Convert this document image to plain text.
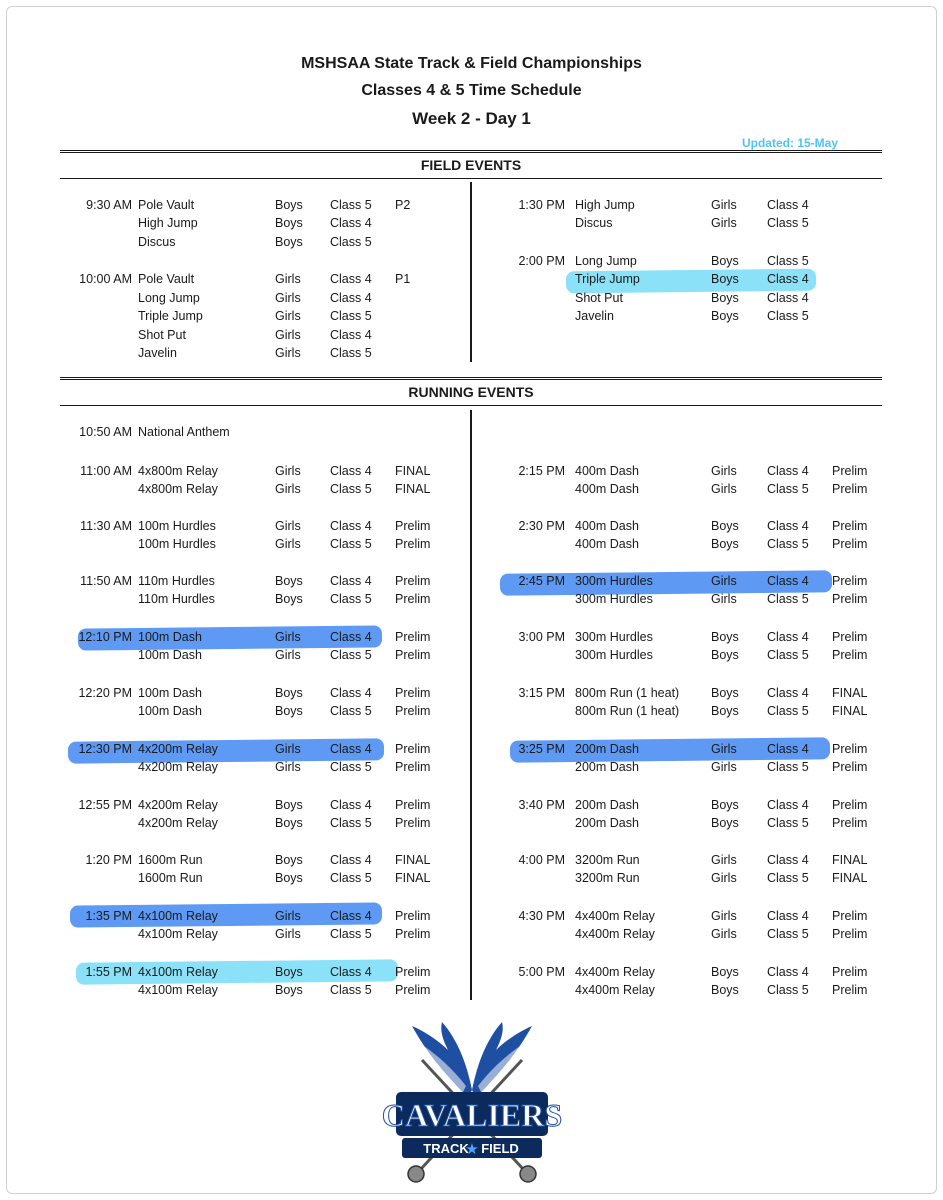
MSHSAA State Track & Field Championships
Classes 4 & 5 Time Schedule
Week 2 - Day 1
Updated: 15-May
FIELD EVENTS
RUNNING EVENTS
9:30 AM Pole Vault	Boys Class 5 P2
High Jump	Boys Class 4
Discus	Boys Class 5
10:00 AM Pole Vault	Girls Class 4 P1
Long Jump	Girls Class 4
Triple Jump	Girls Class 5
Shot Put	Girls Class 4
Javelin	Girls Class 5
1:30 PM High Jump	Girls Class 4
Discus	Girls Class 5
2:00 PM Long Jump	Boys Class 5
Triple Jump	Boys Class 4
Shot Put	Boys Class 4
Javelin	Boys Class 5
10:50 AM National Anthem
11:00 AM 4x800m Relay	Girls Class 4 FINAL
4x800m Relay	Girls Class 5 FINAL
11:30 AM 100m Hurdles	Girls Class 4 Prelim
100m Hurdles	Girls Class 5 Prelim
11:50 AM 110m Hurdles	Boys Class 4 Prelim
110m Hurdles	Boys Class 5 Prelim
12:10 PM 100m Dash	Girls Class 4 Prelim
100m Dash	Girls Class 5 Prelim
12:20 PM 100m Dash	Boys Class 4 Prelim
100m Dash	Boys Class 5 Prelim
12:30 PM 4x200m Relay	Girls Class 4 Prelim
4x200m Relay	Girls Class 5 Prelim
12:55 PM 4x200m Relay	Boys Class 4 Prelim
4x200m Relay	Boys Class 5 Prelim
1:20 PM 1600m Run	Boys Class 4 FINAL
1600m Run	Boys Class 5 FINAL
1:35 PM 4x100m Relay	Girls Class 4 Prelim
4x100m Relay	Girls Class 5 Prelim
1:55 PM 4x100m Relay	Boys Class 4 Prelim
4x100m Relay	Boys Class 5 Prelim
2:15 PM 400m Dash	Girls Class 4 Prelim
400m Dash	Girls Class 5 Prelim
2:30 PM 400m Dash	Boys Class 4 Prelim
400m Dash	Boys Class 5 Prelim
2:45 PM 300m Hurdles	Girls Class 4 Prelim
300m Hurdles	Girls Class 5 Prelim
3:00 PM 300m Hurdles	Boys Class 4 Prelim
300m Hurdles	Boys Class 5 Prelim
3:15 PM 800m Run (1 heat)	Boys Class 4 FINAL
800m Run (1 heat)	Boys Class 5 FINAL
3:25 PM 200m Dash	Girls Class 4 Prelim
200m Dash	Girls Class 5 Prelim
3:40 PM 200m Dash	Boys Class 4 Prelim
200m Dash	Boys Class 5 Prelim
4:00 PM 3200m Run	Girls Class 4 FINAL
3200m Run	Girls Class 5 FINAL
4:30 PM 4x400m Relay	Girls Class 4 Prelim
4x400m Relay	Girls Class 5 Prelim
5:00 PM 4x400m Relay	Boys Class 4 Prelim
4x400m Relay	Boys Class 5 Prelim
CAVALIERS
TRACK
★ FIELD
